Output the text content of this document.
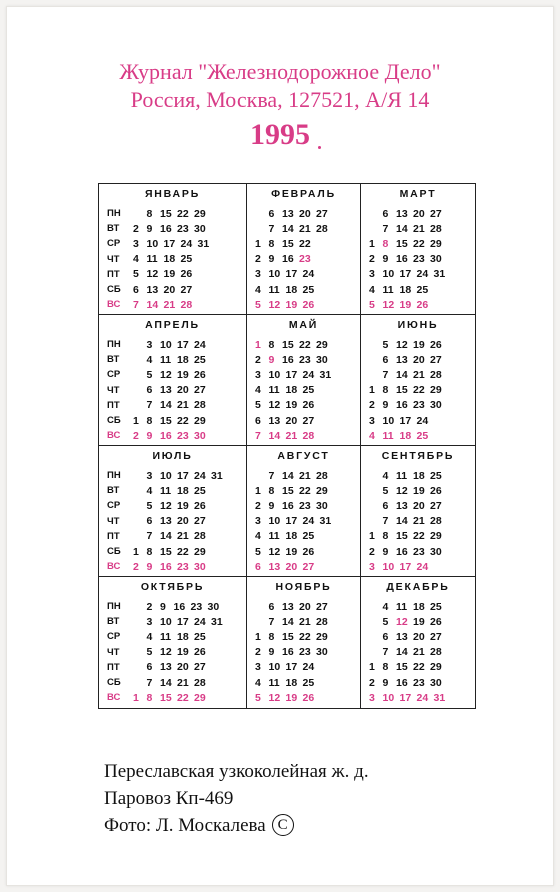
Журнал "Железнодорожное Дело"
Россия, Москва, 127521, А/Я 14
1995
ЯНВАРЬ
ПН	8 15 22 29
ВТ	2 9 16 23 30
СР	3 10 17 24 31
ЧТ	4 11 18 25
ПТ	5 12 19 26
СБ	6 13 20 27
ВС	7 14 21 28
ФЕВРАЛЬ
6 13 20 27
7 14 21 28
1 8 15 22
2 9 16 23
3 10 17 24
4 11 18 25
5 12 19 26
МАРТ
6 13 20 27
7 14 21 28
1 8 15 22 29
2 9 16 23 30
3 10 17 24 31
4 11 18 25
5 12 19 26
АПРЕЛЬ
ПН	3 10 17 24
ВТ	4 11 18 25
СР	5 12 19 26
ЧТ	6 13 20 27
ПТ	7 14 21 28
СБ	1 8 15 22 29
ВС	2 9 16 23 30
МАЙ
1 8 15 22 29
2 9 16 23 30
3 10 17 24 31
4 11 18 25
5 12 19 26
6 13 20 27
7 14 21 28
ИЮНЬ
5 12 19 26
6 13 20 27
7 14 21 28
1 8 15 22 29
2 9 16 23 30
3 10 17 24
4 11 18 25
ИЮЛЬ
ПН	3 10 17 24 31
ВТ	4 11 18 25
СР	5 12 19 26
ЧТ	6 13 20 27
ПТ	7 14 21 28
СБ	1 8 15 22 29
ВС	2 9 16 23 30
АВГУСТ
7 14 21 28
1 8 15 22 29
2 9 16 23 30
3 10 17 24 31
4 11 18 25
5 12 19 26
6 13 20 27
СЕНТЯБРЬ
4 11 18 25
5 12 19 26
6 13 20 27
7 14 21 28
1 8 15 22 29
2 9 16 23 30
3 10 17 24
ОКТЯБРЬ
ПН	2 9 16 23 30
ВТ	3 10 17 24 31
СР	4 11 18 25
ЧТ	5 12 19 26
ПТ	6 13 20 27
СБ	7 14 21 28
ВС	1 8 15 22 29
НОЯБРЬ
6 13 20 27
7 14 21 28
1 8 15 22 29
2 9 16 23 30
3 10 17 24
4 11 18 25
5 12 19 26
ДЕКАБРЬ
4 11 18 25
5 12 19 26
6 13 20 27
7 14 21 28
1 8 15 22 29
2 9 16 23 30
3 10 17 24 31
Переславская узкоколейная ж. д.
Паровоз Кп-469
Фото: Л. Москалева C
